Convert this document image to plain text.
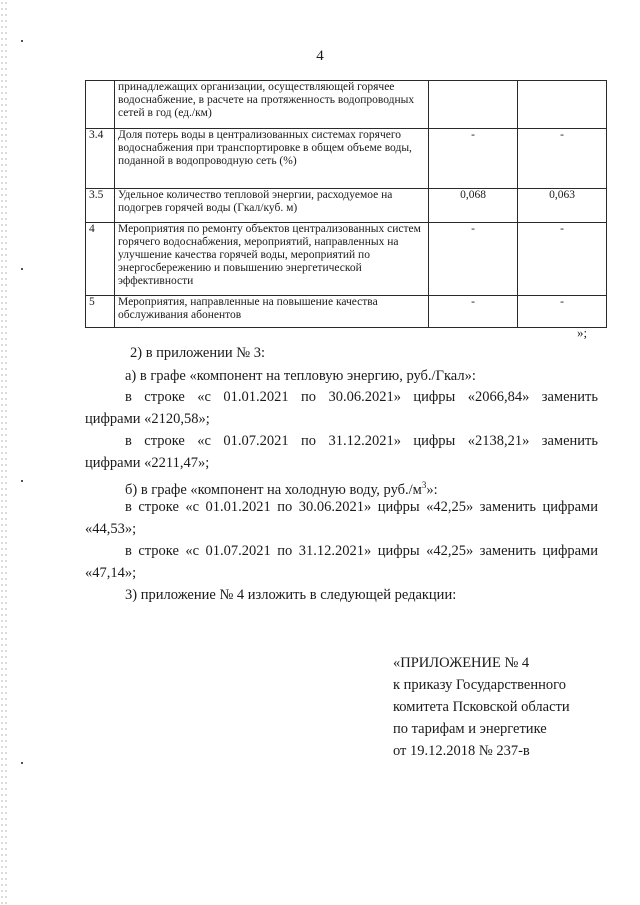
4
	принадлежащих организации, осуществляющей горячее водоснабжение, в расчете на протяженность водопроводных сетей в год (ед./км)		
3.4	Доля потерь воды в централизованных системах горячего водоснабжения при транспортировке в общем объеме воды, поданной в водопроводную сеть (%)	-	-
3.5	Удельное количество тепловой энергии, расходуемое на подогрев горячей воды (Гкал/куб. м)	0,068	0,063
4	Мероприятия по ремонту объектов централизованных систем горячего водоснабжения, мероприятий, направленных на улучшение качества горячей воды, мероприятий по энергосбережению и повышению энергетической эффективности	-	-
5	Мероприятия, направленные на повышение качества обслуживания абонентов	-	-
»;
2) в приложении № 3:
а) в графе «компонент на тепловую энергию, руб./Гкал»:
в строке «с 01.01.2021 по 30.06.2021» цифры «2066,84» заменить
цифрами «2120,58»;
в строке «с 01.07.2021 по 31.12.2021» цифры «2138,21» заменить
цифрами «2211,47»;
б) в графе «компонент на холодную воду, $руб./м^3$»:
в строке «с 01.01.2021 по 30.06.2021» цифры «42,25» заменить цифрами
«44,53»;
в строке «с 01.07.2021 по 31.12.2021» цифры «42,25» заменить цифрами
«47,14»;
3) приложение № 4 изложить в следующей редакции:
«ПРИЛОЖЕНИЕ № 4
к приказу Государственного
комитета Псковской области
по тарифам и энергетике
от 19.12.2018 № 237-в
